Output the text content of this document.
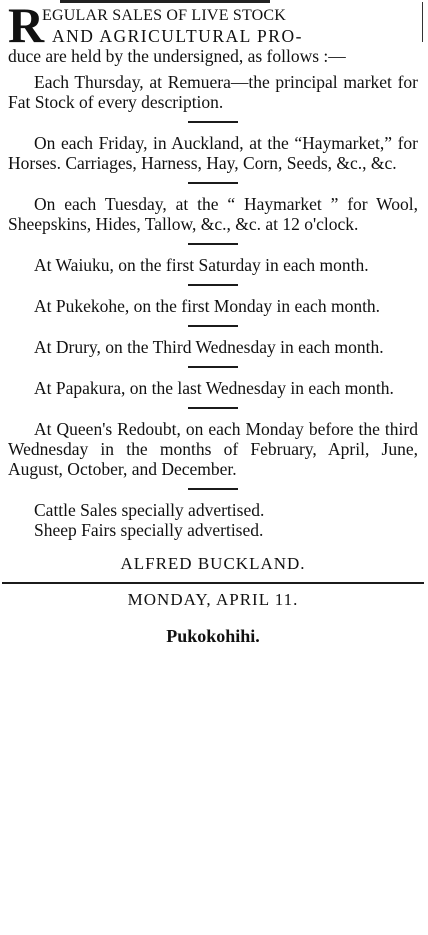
R
EGULAR SALES OF LIVE STOCK
AND AGRICULTURAL PRO-

duce are held by the undersigned, as follows :—

Each Thursday, at Remuera—the principal market for Fat Stock of every description.

On each Friday, in Auckland, at the “Haymarket,” for Horses. Carriages, Harness, Hay, Corn, Seeds, &c., &c.

On each Tuesday, at the “ Haymarket ” for Wool, Sheepskins, Hides, Tallow, &c., &c. at 12 o'clock.

At Waiuku, on the first Saturday in each month.

At Pukekohe, on the first Monday in each month.

At Drury, on the Third Wednesday in each month.

At Papakura, on the last Wednesday in each month.

At Queen's Redoubt, on each Monday before the third Wednesday in the months of February, April, June, August, October, and December.

Cattle Sales specially advertised.

Sheep Fairs specially advertised.

ALFRED BUCKLAND.
MONDAY, APRIL 11.
Pukokohihi.
